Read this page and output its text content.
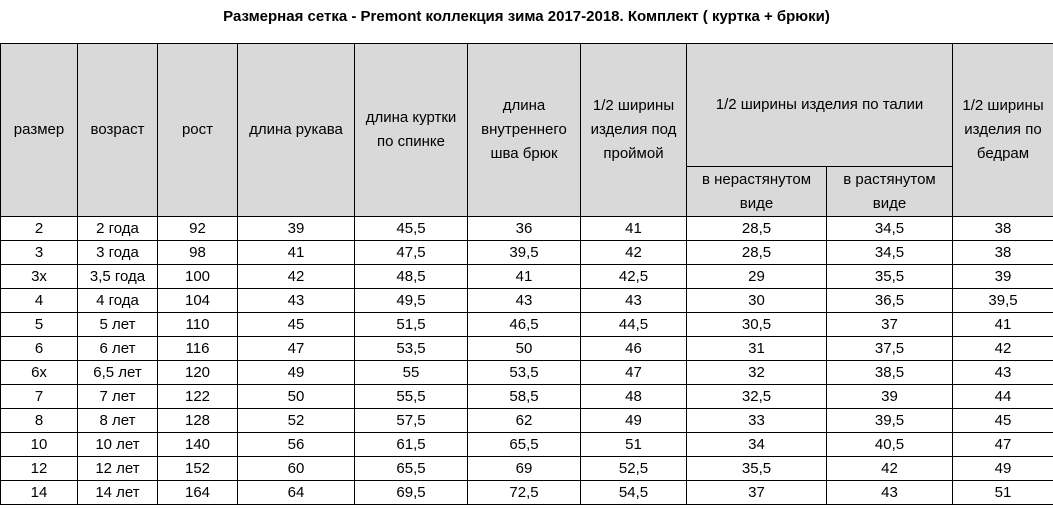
Размерная сетка - Premont коллекция зима 2017-2018. Комплект ( куртка + брюки)
размер	возраст	рост	длина рукава	длина куртки по спинке	длина внутреннего шва брюк	1/2 ширины изделия под проймой	1/2 ширины изделия по талии		1/2 ширины изделия по бедрам
							в нерастянутом виде	в растянутом виде	
2	2 года	92	39	45,5	36	41	28,5	34,5	38
3	3 года	98	41	47,5	39,5	42	28,5	34,5	38
3х	3,5 года	100	42	48,5	41	42,5	29	35,5	39
4	4 года	104	43	49,5	43	43	30	36,5	39,5
5	5 лет	110	45	51,5	46,5	44,5	30,5	37	41
6	6 лет	116	47	53,5	50	46	31	37,5	42
6х	6,5 лет	120	49	55	53,5	47	32	38,5	43
7	7 лет	122	50	55,5	58,5	48	32,5	39	44
8	8 лет	128	52	57,5	62	49	33	39,5	45
10	10 лет	140	56	61,5	65,5	51	34	40,5	47
12	12 лет	152	60	65,5	69	52,5	35,5	42	49
14	14 лет	164	64	69,5	72,5	54,5	37	43	51
